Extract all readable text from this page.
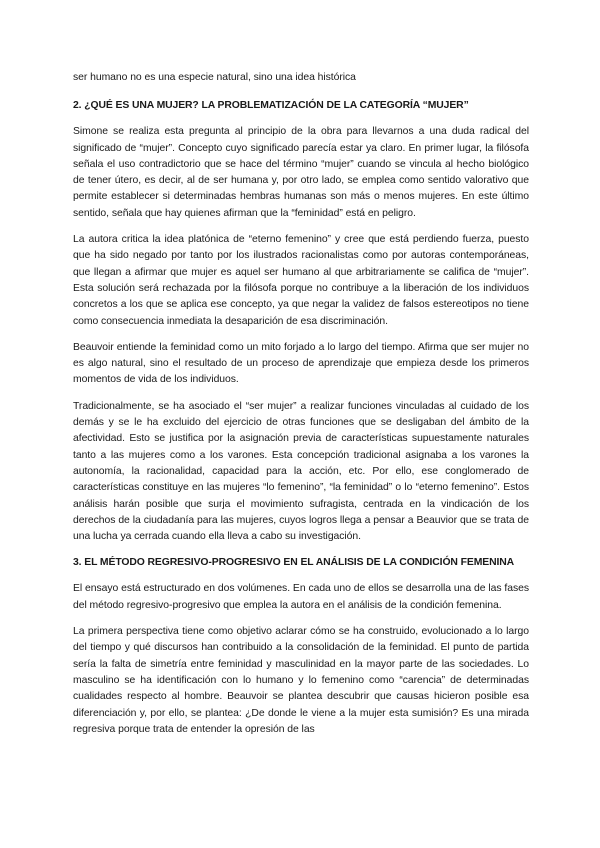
ser humano no es una especie natural, sino una idea histórica

2. ¿QUÉ ES UNA MUJER? LA PROBLEMATIZACIÓN DE LA CATEGORÍA “MUJER”

Simone se realiza esta pregunta al principio de la obra para llevarnos a una duda radical del significado de “mujer”. Concepto cuyo significado parecía estar ya claro. En primer lugar, la filósofa señala el uso contradictorio que se hace del término “mujer” cuando se vincula al hecho biológico de tener útero, es decir, al de ser humana y, por otro lado, se emplea como sentido valorativo que permite establecer si determinadas hembras humanas son más o menos mujeres. En este último sentido, señala que hay quienes afirman que la “feminidad” está en peligro.

La autora critica la idea platónica de “eterno femenino” y cree que está perdiendo fuerza, puesto que ha sido negado por tanto por los ilustrados racionalistas como por autoras contemporáneas, que llegan a afirmar que mujer es aquel ser humano al que arbitrariamente se califica de “mujer”. Esta solución será rechazada por la filósofa porque no contribuye a la liberación de los individuos concretos a los que se aplica ese concepto, ya que negar la validez de falsos estereotipos no tiene como consecuencia inmediata la desaparición de esa discriminación.

Beauvoir entiende la feminidad como un mito forjado a lo largo del tiempo. Afirma que ser mujer no es algo natural, sino el resultado de un proceso de aprendizaje que empieza desde los primeros momentos de vida de los individuos.

Tradicionalmente, se ha asociado el “ser mujer” a realizar funciones vinculadas al cuidado de los demás y se le ha excluido del ejercicio de otras funciones que se desligaban del ámbito de la afectividad. Esto se justifica por la asignación previa de características supuestamente naturales tanto a las mujeres como a los varones. Esta concepción tradicional asignaba a los varones la autonomía, la racionalidad, capacidad para la acción, etc. Por ello, ese conglomerado de características constituye en las mujeres “lo femenino”, “la feminidad” o lo “eterno femenino”. Estos análisis harán posible que surja el movimiento sufragista, centrada en la vindicación de los derechos de la ciudadanía para las mujeres, cuyos logros llega a pensar a Beauvior que se trata de una lucha ya cerrada cuando ella lleva a cabo su investigación.

3. EL MÉTODO REGRESIVO-PROGRESIVO EN EL ANÁLISIS DE LA CONDICIÓN FEMENINA

El ensayo está estructurado en dos volúmenes. En cada uno de ellos se desarrolla una de las fases del método regresivo-progresivo que emplea la autora en el análisis de la condición femenina.

La primera perspectiva tiene como objetivo aclarar cómo se ha construido, evolucionado a lo largo del tiempo y qué discursos han contribuido a la consolidación de la feminidad. El punto de partida sería la falta de simetría entre feminidad y masculinidad en la mayor parte de las sociedades. Lo masculino se ha identificación con lo humano y lo femenino como “carencia” de determinadas cualidades respecto al hombre. Beauvoir se plantea descubrir que causas hicieron posible esa diferenciación y, por ello, se plantea: ¿De donde le viene a la mujer esta sumisión? Es una mirada regresiva porque trata de entender la opresión de las
